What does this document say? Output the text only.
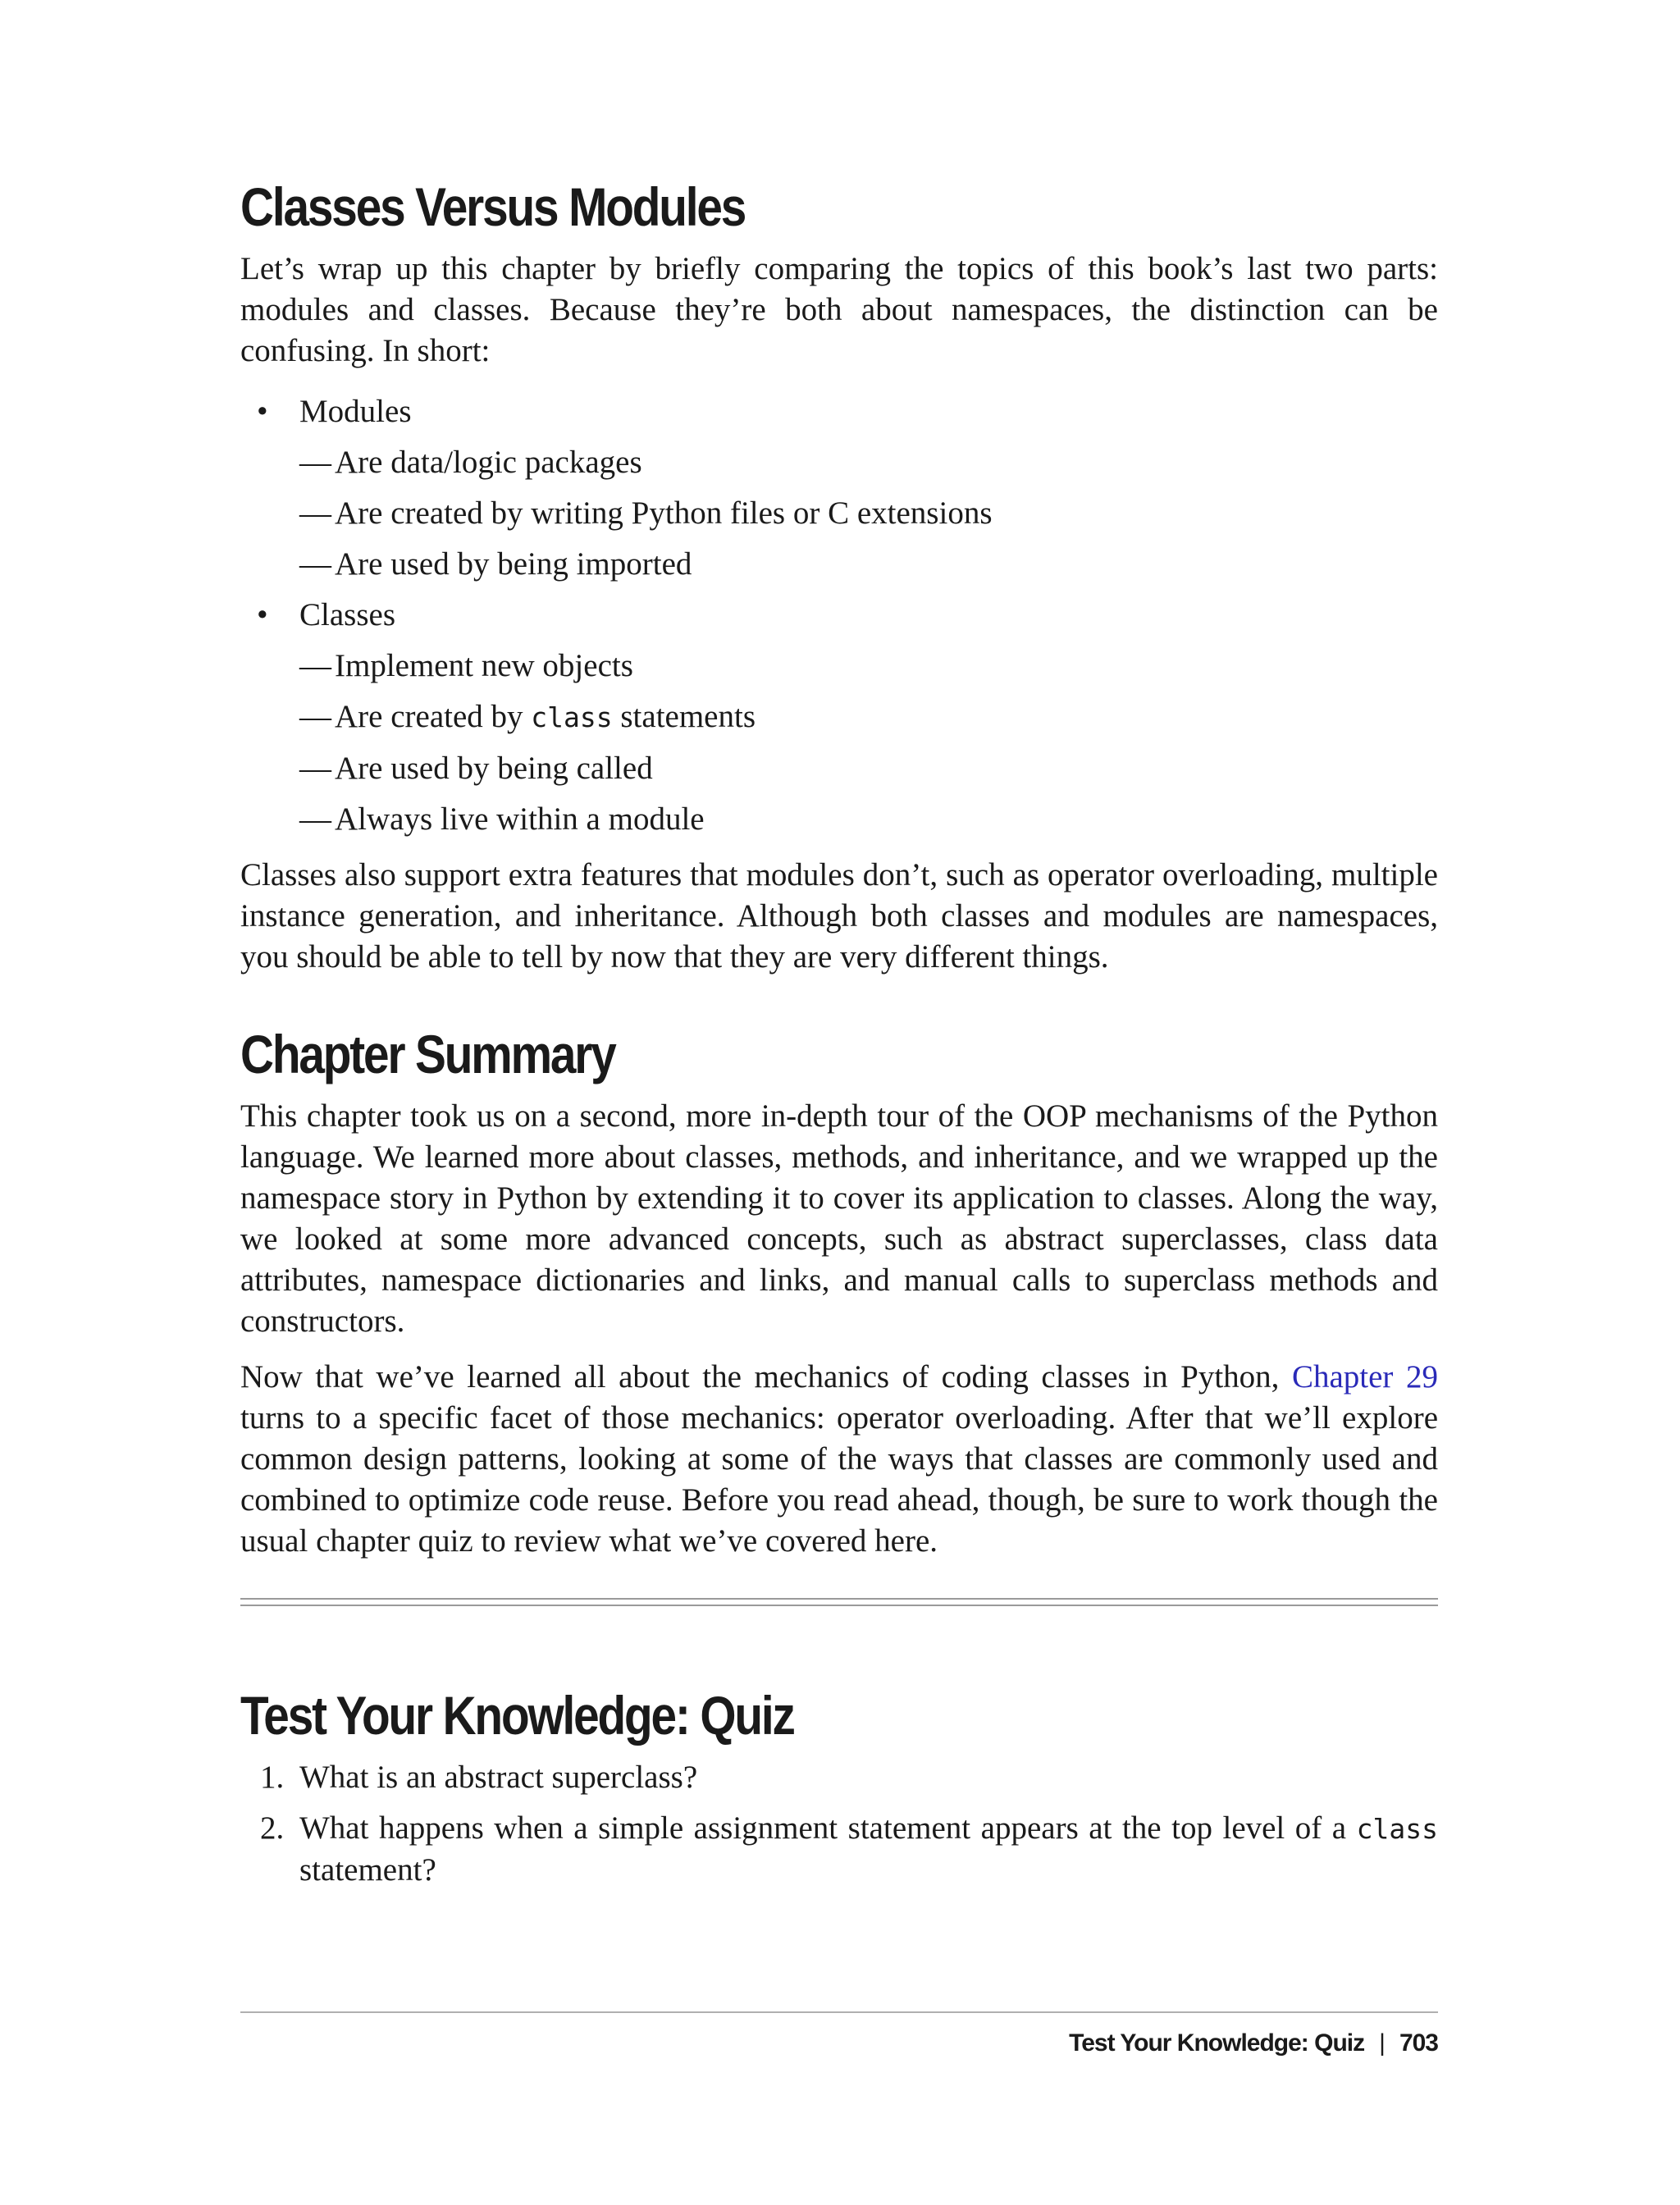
Classes Versus Modules

Let’s wrap up this chapter by briefly comparing the topics of this book’s last two parts: modules and classes. Because they’re both about namespaces, the distinction can be confusing. In short:

• Modules
— Are data/logic packages
— Are created by writing Python files or C extensions
— Are used by being imported
• Classes
— Implement new objects
— Are created by class statements
— Are used by being called
— Always live within a module

Classes also support extra features that modules don’t, such as operator overloading, multiple instance generation, and inheritance. Although both classes and modules are namespaces, you should be able to tell by now that they are very different things.

Chapter Summary

This chapter took us on a second, more in-depth tour of the OOP mechanisms of the Python language. We learned more about classes, methods, and inheritance, and we wrapped up the namespace story in Python by extending it to cover its application to classes. Along the way, we looked at some more advanced concepts, such as abstract superclasses, class data attributes, namespace dictionaries and links, and manual calls to superclass methods and constructors.

Now that we’ve learned all about the mechanics of coding classes in Python, Chapter 29 turns to a specific facet of those mechanics: operator overloading. After that we’ll explore common design patterns, looking at some of the ways that classes are commonly used and combined to optimize code reuse. Before you read ahead, though, be sure to work though the usual chapter quiz to review what we’ve covered here.

Test Your Knowledge: Quiz
1. What is an abstract superclass?
2. What happens when a simple assignment statement appears at the top level of a class statement?
Test Your Knowledge: Quiz | 703
